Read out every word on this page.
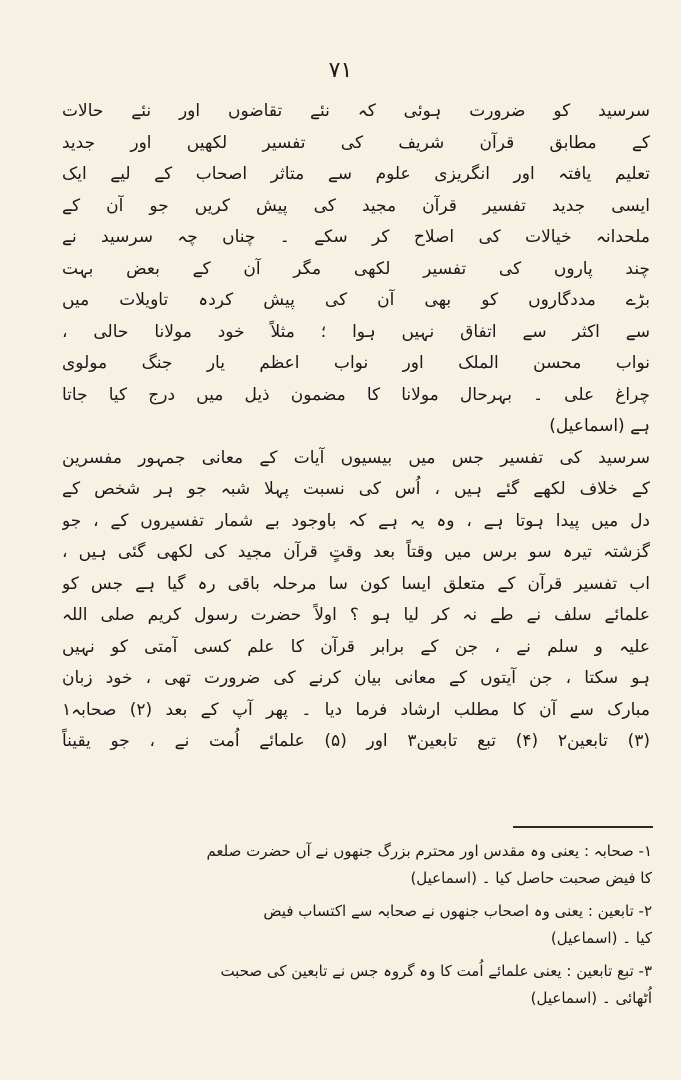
۷۱
سرسید کو ضرورت ہوئی کہ نئے تقاضوں اور نئے حالات
کے مطابق قرآن شریف کی تفسیر لکھیں اور جدید
تعلیم یافتہ اور انگریزی علوم سے متاثر اصحاب کے لیے ایک
ایسی جدید تفسیر قرآن مجید کی پیش کریں جو آن کے
ملحدانہ خیالات کی اصلاح کر سکے ۔ چناں چہ سرسید نے
چند پاروں کی تفسیر لکھی مگر آن کے بعض بہت
بڑے مددگاروں کو بھی آن کی پیش کردہ تاویلات میں
سے اکثر سے اتفاق نہیں ہوا ؛ مثلاً خود مولانا حالی ،
نواب محسن الملک اور نواب اعظم یار جنگ مولوی
چراغ علی ۔ بہرحال مولانا کا مضمون ذیل میں درج کیا جاتا
ہے (اسماعیل)
سرسید کی تفسیر جس میں بیسیوں آیات کے معانی جمہور مفسرین
کے خلاف لکھے گئے ہیں ، اُس کی نسبت پہلا شبہ جو ہر شخص کے
دل میں پیدا ہوتا ہے ، وہ یہ ہے کہ باوجود بے شمار تفسیروں کے ، جو
گزشتہ تیرہ سو برس میں وقتاً بعد وقتٍ قرآن مجید کی لکھی گئی ہیں ،
اب تفسیر قرآن کے متعلق ایسا کون سا مرحلہ باقی رہ گیا ہے جس کو
علمائے سلف نے طے نہ کر لیا ہو ؟ اولاً حضرت رسول کریم صلی اللہ
علیہ و سلم نے ، جن کے برابر قرآن کا علم کسی آمتی کو نہیں
ہو سکتا ، جن آیتوں کے معانی بیان کرنے کی ضرورت تھی ، خود زبان
مبارک سے آن کا مطلب ارشاد فرما دیا ۔ پھر آپ کے بعد (۲) صحابہ۱
(۳) تابعین۲ (۴) تبع تابعین۳ اور (۵) علمائے اُمت نے ، جو یقیناً
۱- صحابہ : یعنی وہ مقدس اور محترم بزرگ جنھوں نے آں حضرت صلعم
کا فیض صحبت حاصل کیا ۔ (اسماعیل)
۲- تابعین : یعنی وہ اصحاب جنھوں نے صحابہ سے اکتساب فیض
کیا ۔ (اسماعیل)
۳- تبع تابعین : یعنی علمائے اُمت کا وہ گروہ جس نے تابعین کی صحبت
اُٹھائی ۔ (اسماعیل)
